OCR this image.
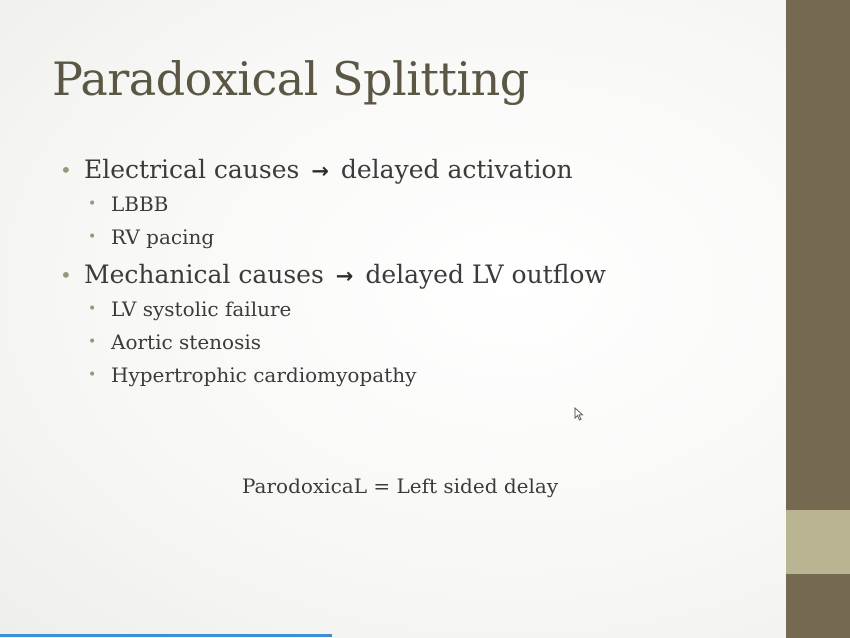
Paradoxical Splitting
• Electrical causes → delayed activation
• LBBB
• RV pacing
• Mechanical causes → delayed LV outflow
• LV systolic failure
• Aortic stenosis
• Hypertrophic cardiomyopathy
ParodoxicaL = Left sided delay
